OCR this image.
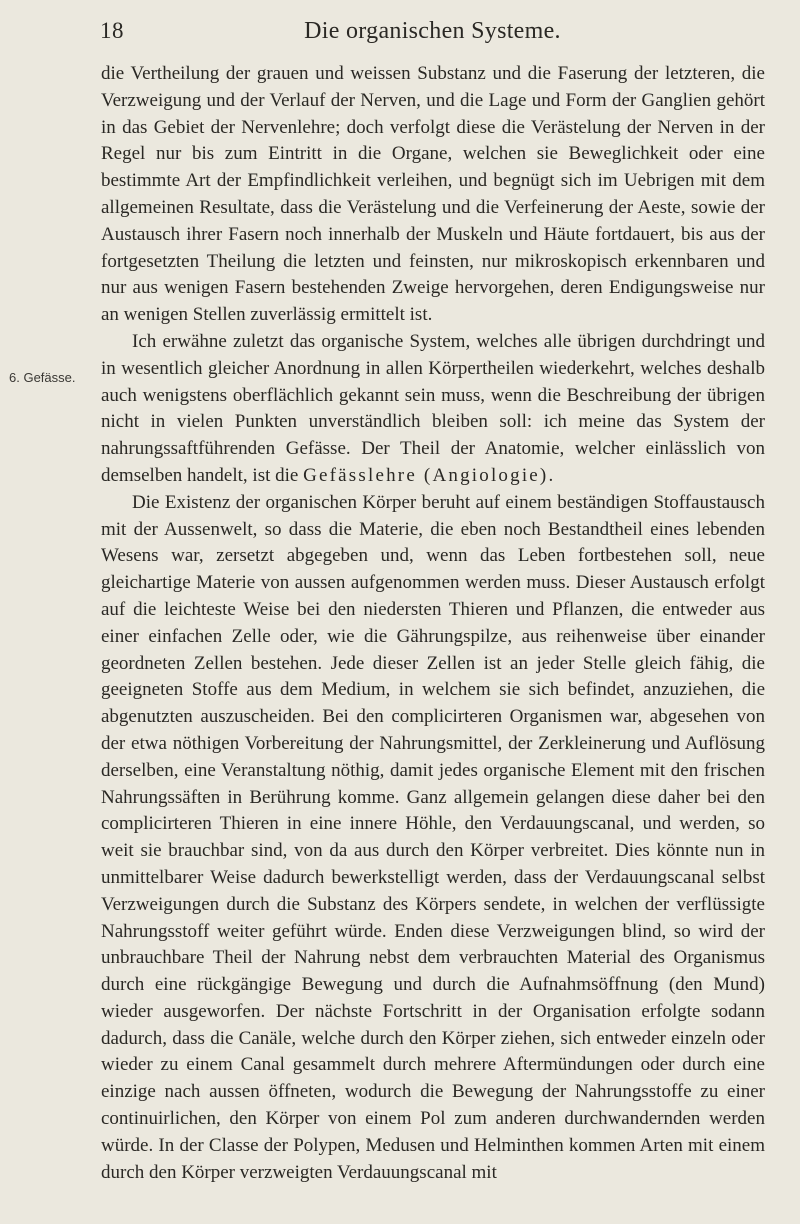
18	Die organischen Systeme.
6. Gefässe.

die Vertheilung der grauen und weissen Substanz und die Faserung der letzteren, die Verzweigung und der Verlauf der Nerven, und die Lage und Form der Ganglien gehört in das Gebiet der Nervenlehre; doch verfolgt diese die Verästelung der Nerven in der Regel nur bis zum Eintritt in die Organe, welchen sie Beweglichkeit oder eine bestimmte Art der Empfindlichkeit verleihen, und begnügt sich im Uebrigen mit dem allgemeinen Resultate, dass die Verästelung und die Verfeinerung der Aeste, sowie der Austausch ihrer Fasern noch innerhalb der Muskeln und Häute fortdauert, bis aus der fortgesetzten Theilung die letzten und feinsten, nur mikroskopisch erkennbaren und nur aus wenigen Fasern bestehenden Zweige hervorgehen, deren Endigungsweise nur an wenigen Stellen zuverlässig ermittelt ist.

Ich erwähne zuletzt das organische System, welches alle übrigen durchdringt und in wesentlich gleicher Anordnung in allen Körpertheilen wiederkehrt, welches deshalb auch wenigstens oberflächlich gekannt sein muss, wenn die Beschreibung der übrigen nicht in vielen Punkten unverständlich bleiben soll: ich meine das System der nahrungssaftführenden Gefässe. Der Theil der Anatomie, welcher einlässlich von demselben handelt, ist die Gefässlehre (Angiologie).

Die Existenz der organischen Körper beruht auf einem beständigen Stoffaustausch mit der Aussenwelt, so dass die Materie, die eben noch Bestandtheil eines lebenden Wesens war, zersetzt abgegeben und, wenn das Leben fortbestehen soll, neue gleichartige Materie von aussen aufgenommen werden muss. Dieser Austausch erfolgt auf die leichteste Weise bei den niedersten Thieren und Pflanzen, die entweder aus einer einfachen Zelle oder, wie die Gährungspilze, aus reihenweise über einander geordneten Zellen bestehen. Jede dieser Zellen ist an jeder Stelle gleich fähig, die geeigneten Stoffe aus dem Medium, in welchem sie sich befindet, anzuziehen, die abgenutzten auszuscheiden. Bei den complicirteren Organismen war, abgesehen von der etwa nöthigen Vorbereitung der Nahrungsmittel, der Zerkleinerung und Auflösung derselben, eine Veranstaltung nöthig, damit jedes organische Element mit den frischen Nahrungssäften in Berührung komme. Ganz allgemein gelangen diese daher bei den complicirteren Thieren in eine innere Höhle, den Verdauungscanal, und werden, so weit sie brauchbar sind, von da aus durch den Körper verbreitet. Dies könnte nun in unmittelbarer Weise dadurch bewerkstelligt werden, dass der Verdauungscanal selbst Verzweigungen durch die Substanz des Körpers sendete, in welchen der verflüssigte Nahrungsstoff weiter geführt würde. Enden diese Verzweigungen blind, so wird der unbrauchbare Theil der Nahrung nebst dem verbrauchten Material des Organismus durch eine rückgängige Bewegung und durch die Aufnahmsöffnung (den Mund) wieder ausgeworfen. Der nächste Fortschritt in der Organisation erfolgte sodann dadurch, dass die Canäle, welche durch den Körper ziehen, sich entweder einzeln oder wieder zu einem Canal gesammelt durch mehrere Aftermündungen oder durch eine einzige nach aussen öffneten, wodurch die Bewegung der Nahrungsstoffe zu einer continuirlichen, den Körper von einem Pol zum anderen durchwandernden werden würde. In der Classe der Polypen, Medusen und Helminthen kommen Arten mit einem durch den Körper verzweigten Verdauungscanal mit
